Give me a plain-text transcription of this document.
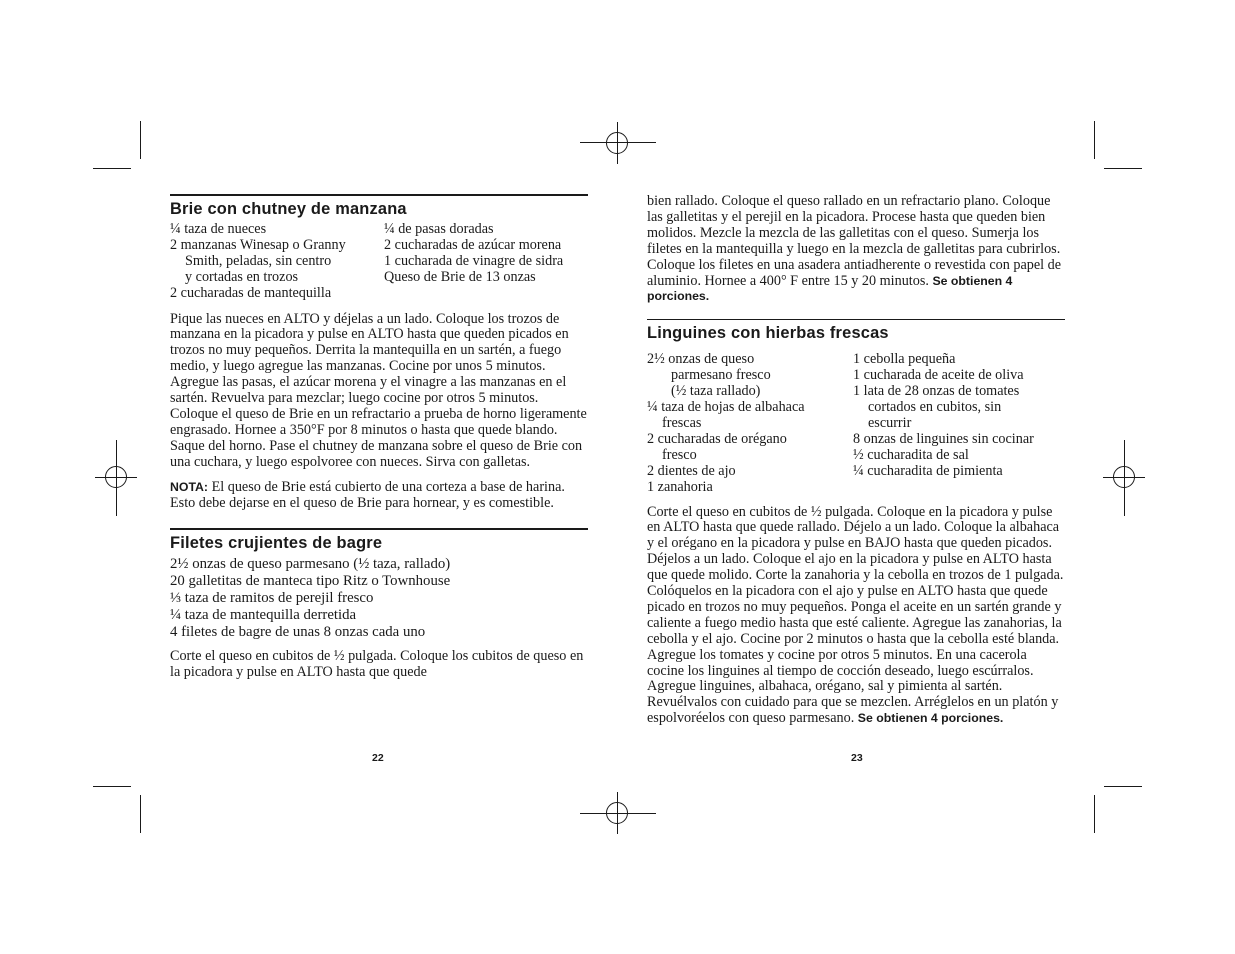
Brie con chutney de manzana
¼ taza de nueces
2 manzanas Winesap o Granny
Smith, peladas, sin centro
y cortadas en trozos
2 cucharadas de mantequilla
¼ de pasas doradas
2 cucharadas de azúcar morena
1 cucharada de vinagre de sidra
Queso de Brie de 13 onzas

Pique las nueces en ALTO y déjelas a un lado. Coloque los trozos de manzana en la picadora y pulse en ALTO hasta que queden picados en trozos no muy pequeños. Derrita la mantequilla en un sartén, a fuego medio, y luego agregue las manzanas. Cocine por unos 5 minutos. Agregue las pasas, el azúcar morena y el vinagre a las manzanas en el sartén. Revuelva para mezclar; luego cocine por otros 5 minutos. Coloque el queso de Brie en un refractario a prueba de horno ligeramente engrasado. Hornee a 350°F por 8 minutos o hasta que quede blando. Saque del horno. Pase el chutney de manzana sobre el queso de Brie con una cuchara, y luego espolvoree con nueces. Sirva con galletas.

NOTA: El queso de Brie está cubierto de una corteza a base de harina. Esto debe dejarse en el queso de Brie para hornear, y es comestible.

Filetes crujientes de bagre
2½ onzas de queso parmesano (½ taza, rallado)
20 galletitas de manteca tipo Ritz o Townhouse
⅓ taza de ramitos de perejil fresco
¼ taza de mantequilla derretida
4 filetes de bagre de unas 8 onzas cada uno

Corte el queso en cubitos de ½ pulgada. Coloque los cubitos de queso en la picadora y pulse en ALTO hasta que quede

22

bien rallado. Coloque el queso rallado en un refractario plano. Coloque las galletitas y el perejil en la picadora. Procese hasta que queden bien molidos. Mezcle la mezcla de las galletitas con el queso. Sumerja los filetes en la mantequilla y luego en la mezcla de galletitas para cubrirlos. Coloque los filetes en una asadera antiadherente o revestida con papel de aluminio. Hornee a 400° F entre 15 y 20 minutos. Se obtienen 4 porciones.

Linguines con hierbas frescas
2½ onzas de queso
parmesano fresco
(½ taza rallado)
¼ taza de hojas de albahaca
frescas
2 cucharadas de orégano
fresco
2 dientes de ajo
1 zanahoria
1 cebolla pequeña
1 cucharada de aceite de oliva
1 lata de 28 onzas de tomates
cortados en cubitos, sin
escurrir
8 onzas de linguines sin cocinar
½ cucharadita de sal
¼ cucharadita de pimienta

Corte el queso en cubitos de ½ pulgada. Coloque en la picadora y pulse en ALTO hasta que quede rallado. Déjelo a un lado. Coloque la albahaca y el orégano en la picadora y pulse en BAJO hasta que queden picados. Déjelos a un lado. Coloque el ajo en la picadora y pulse en ALTO hasta que quede molido. Corte la zanahoria y la cebolla en trozos de 1 pulgada. Colóquelos en la picadora con el ajo y pulse en ALTO hasta que quede picado en trozos no muy pequeños. Ponga el aceite en un sartén grande y caliente a fuego medio hasta que esté caliente. Agregue las zanahorias, la cebolla y el ajo. Cocine por 2 minutos o hasta que la cebolla esté blanda. Agregue los tomates y cocine por otros 5 minutos. En una cacerola cocine los linguines al tiempo de cocción deseado, luego escúrralos. Agregue linguines, albahaca, orégano, sal y pimienta al sartén. Revuélvalos con cuidado para que se mezclen. Arréglelos en un platón y espolvoréelos con queso parmesano. Se obtienen 4 porciones.

23
